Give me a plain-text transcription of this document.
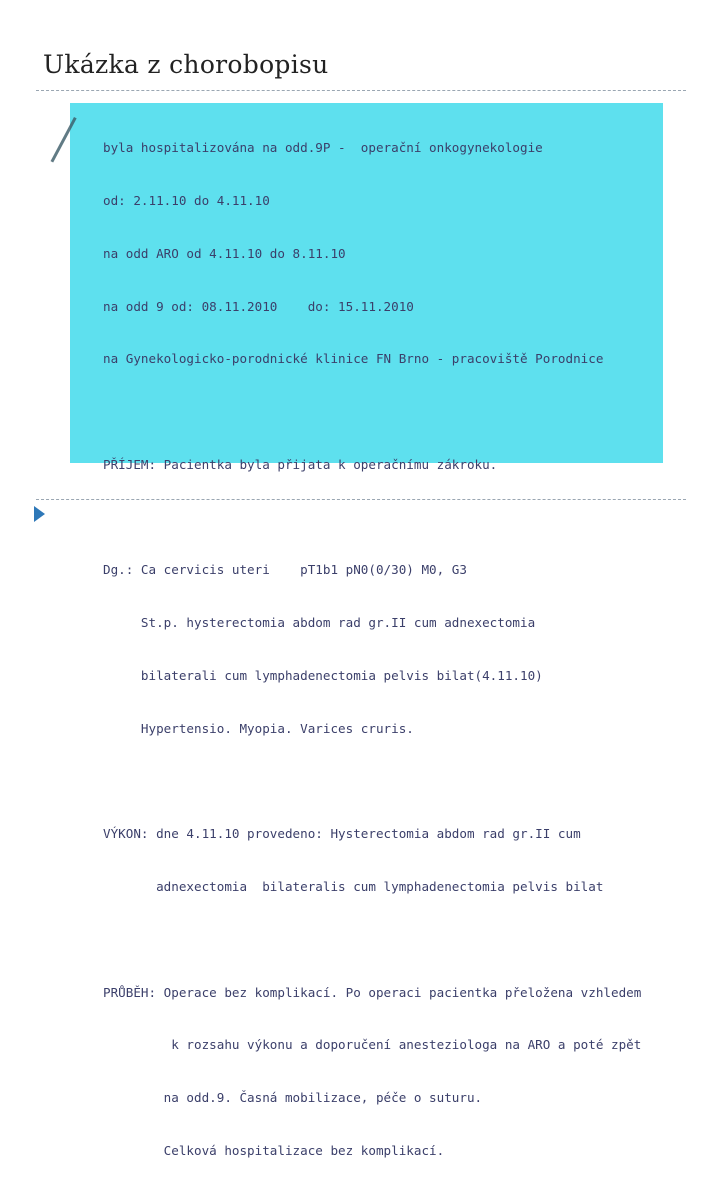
Ukázka z chorobopisu

byla hospitalizována na odd.9P -  operační onkogynekologie

od: 2.11.10 do 4.11.10

na odd ARO od 4.11.10 do 8.11.10

na odd 9 od: 08.11.2010    do: 15.11.2010

na Gynekologicko-porodnické klinice FN Brno - pracoviště Porodnice

PŘÍJEM: Pacientka byla přijata k operačnímu zákroku.

Dg.: Ca cervicis uteri    pT1b1 pN0(0/30) M0, G3

St.p. hysterectomia abdom rad gr.II cum adnexectomia

bilaterali cum lymphadenectomia pelvis bilat(4.11.10)

Hypertensio. Myopia. Varices cruris.

VÝKON: dne 4.11.10 provedeno: Hysterectomia abdom rad gr.II cum

adnexectomia  bilateralis cum lymphadenectomia pelvis bilat

PRŮBĚH: Operace bez komplikací. Po operaci pacientka přeložena vzhledem

k rozsahu výkonu a doporučení anesteziologa na ARO a poté zpět

na odd.9. Časná mobilizace, péče o suturu.

Celková hospitalizace bez komplikací.
